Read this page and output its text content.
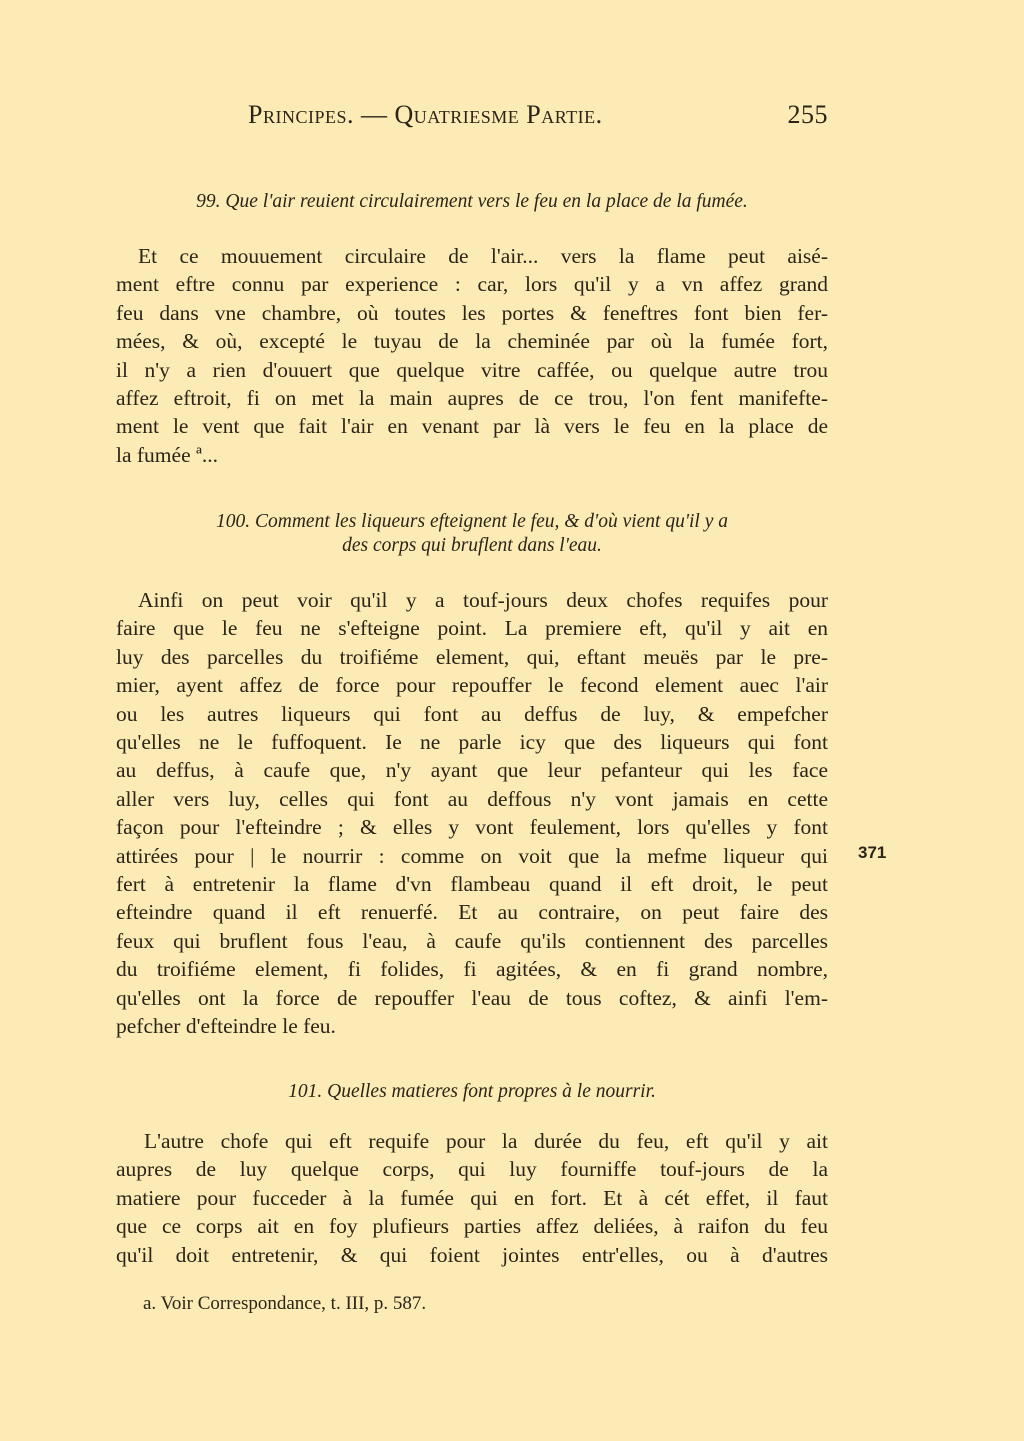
Principes. — Quatriesme Partie.	255
99. Que l'air reuient circulairement vers le feu en la place de la fumée.

Et ce mouuement circulaire de l'air... vers la flame peut aisé-

ment eftre connu par experience : car, lors qu'il y a vn affez grand

feu dans vne chambre, où toutes les portes & feneftres font bien fer-

mées, & où, excepté le tuyau de la cheminée par où la fumée fort,

il n'y a rien d'ouuert que quelque vitre caffée, ou quelque autre trou

affez eftroit, fi on met la main aupres de ce trou, l'on fent manifefte-

ment le vent que fait l'air en venant par là vers le feu en la place de

la fumée ª...

100. Comment les liqueurs efteignent le feu, & d'où vient qu'il y a
des corps qui bruflent dans l'eau.

Ainfi on peut voir qu'il y a touf-jours deux chofes requifes pour

faire que le feu ne s'efteigne point. La premiere eft, qu'il y ait en

luy des parcelles du troifiéme element, qui, eftant meuës par le pre-

mier, ayent affez de force pour repouffer le fecond element auec l'air

ou les autres liqueurs qui font au deffus de luy, & empefcher

qu'elles ne le fuffoquent. Ie ne parle icy que des liqueurs qui font

au deffus, à caufe que, n'y ayant que leur pefanteur qui les face

aller vers luy, celles qui font au deffous n'y vont jamais en cette

façon pour l'efteindre ; & elles y vont feulement, lors qu'elles y font

attirées pour | le nourrir : comme on voit que la mefme liqueur qui

fert à entretenir la flame d'vn flambeau quand il eft droit, le peut

efteindre quand il eft renuerfé. Et au contraire, on peut faire des

feux qui bruflent fous l'eau, à caufe qu'ils contiennent des parcelles

du troifiéme element, fi folides, fi agitées, & en fi grand nombre,

qu'elles ont la force de repouffer l'eau de tous coftez, & ainfi l'em-

pefcher d'efteindre le feu.

371
101. Quelles matieres font propres à le nourrir.

L'autre chofe qui eft requife pour la durée du feu, eft qu'il y ait

aupres de luy quelque corps, qui luy fourniffe touf-jours de la

matiere pour fucceder à la fumée qui en fort. Et à cét effet, il faut

que ce corps ait en foy plufieurs parties affez deliées, à raifon du feu

qu'il doit entretenir, & qui foient jointes entr'elles, ou à d'autres

a. Voir Correspondance, t. III, p. 587.
